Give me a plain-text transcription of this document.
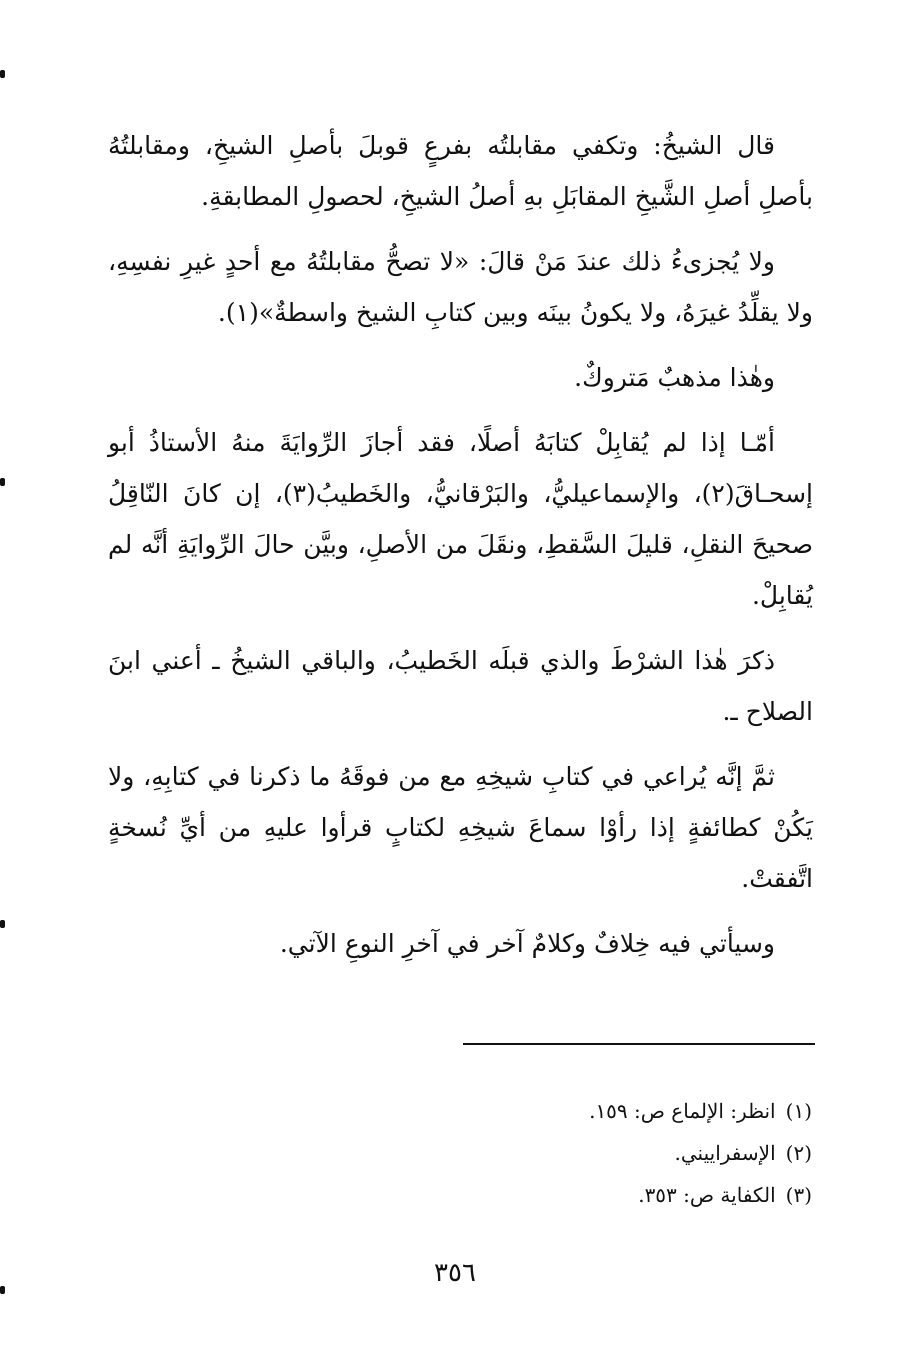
قال الشيخُ: وتكفي مقابلتُه بفرعٍ قوبلَ بأصلِ الشيخِ، ومقابلتُهُ بأصلِ أصلِ الشَّيخِ المقابَلِ بهِ أصلُ الشيخِ، لحصولِ المطابقةِ.

ولا يُجزىءُ ذلك عندَ مَنْ قالَ: «لا تصحُّ مقابلتُهُ مع أحدٍ غيرِ نفسِهِ، ولا يقلِّدُ غيرَهُ، ولا يكونُ بينَه وبين كتابِ الشيخ واسطةٌ»(١).

وهٰذا مذهبٌ مَتروكٌ.

أمّـا إذا لم يُقابِلْ كتابَهُ أصلًا، فقد أجازَ الرِّوايَةَ منهُ الأستاذُ أبو إسحـاقَ(٢)، والإسماعيليُّ، والبَرْقانيُّ، والخَطيبُ(٣)، إن كانَ النّاقِلُ صحيحَ النقلِ، قليلَ السَّقطِ، ونقَلَ من الأصلِ، وبيَّن حالَ الرِّوايَةِ أنَّه لم يُقابِلْ.

ذكرَ هٰذا الشرْطَ والذي قبلَه الخَطيبُ، والباقي الشيخُ ـ أعني ابنَ الصلاح ـ.

ثمَّ إنَّه يُراعي في كتابِ شيخِهِ مع من فوقَهُ ما ذكرنا في كتابِهِ، ولا يَكُنْ كطائفةٍ إذا رأوْا سماعَ شيخِهِ لكتابٍ قرأوا عليهِ من أيِّ نُسخةٍ اتَّفقتْ.

وسيأتي فيه خِلافٌ وكلامٌ آخر في آخرِ النوعِ الآتي.

(١)انظر: الإلماع ص: ١٥٩.
(٢)الإسفراييني.
(٣)الكفاية ص: ٣٥٣.
٣٥٦
